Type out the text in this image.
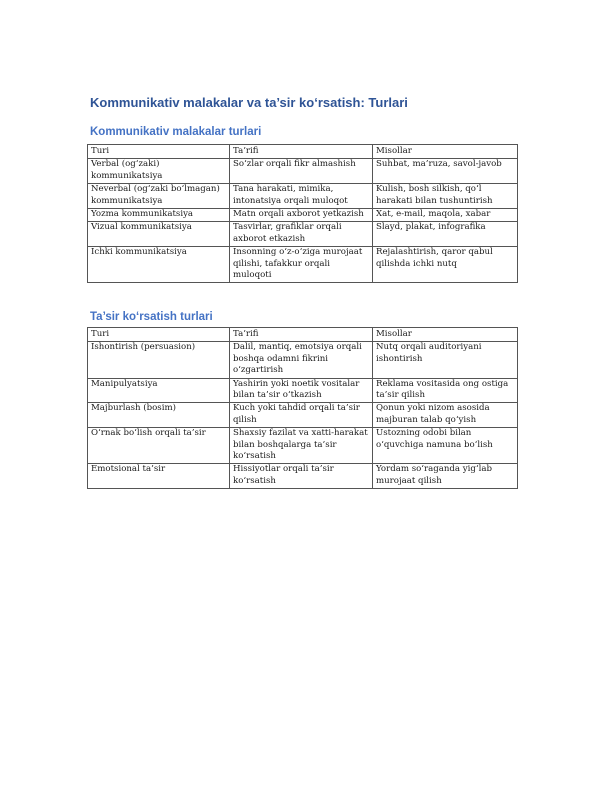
Kommunikativ malakalar va ta’sir ko‘rsatish: Turlari
Kommunikativ malakalar turlari
Turi	Ta’rifi	Misollar
Verbal (og‘zaki) kommunikatsiya	So‘zlar orqali fikr almashish	Suhbat, ma’ruza, savol-javob
Neverbal (og‘zaki bo‘lmagan) kommunikatsiya	Tana harakati, mimika, intonatsiya orqali muloqot	Kulish, bosh silkish, qo‘l harakati bilan tushuntirish
Yozma kommunikatsiya	Matn orqali axborot yetkazish	Xat, e-mail, maqola, xabar
Vizual kommunikatsiya	Tasvirlar, grafiklar orqali axborot etkazish	Slayd, plakat, infografika
Ichki kommunikatsiya	Insonning o‘z-o‘ziga murojaat qilishi, tafakkur orqali muloqoti	Rejalashtirish, qaror qabul qilishda ichki nutq
Ta’sir ko‘rsatish turlari
Turi	Ta’rifi	Misollar
Ishontirish (persuasion)	Dalil, mantiq, emotsiya orqali boshqa odamni fikrini o‘zgartirish	Nutq orqali auditoriyani ishontirish
Manipulyatsiya	Yashirin yoki noetik vositalar bilan ta’sir o‘tkazish	Reklama vositasida ong ostiga ta’sir qilish
Majburlash (bosim)	Kuch yoki tahdid orqali ta’sir qilish	Qonun yoki nizom asosida majburan talab qo‘yish
O‘rnak bo‘lish orqali ta’sir	Shaxsiy fazilat va xatti-harakat bilan boshqalarga ta’sir ko‘rsatish	Ustozning odobi bilan o‘quvchiga namuna bo‘lish
Emotsional ta’sir	Hissiyotlar orqali ta’sir ko‘rsatish	Yordam so‘raganda yig‘lab murojaat qilish
